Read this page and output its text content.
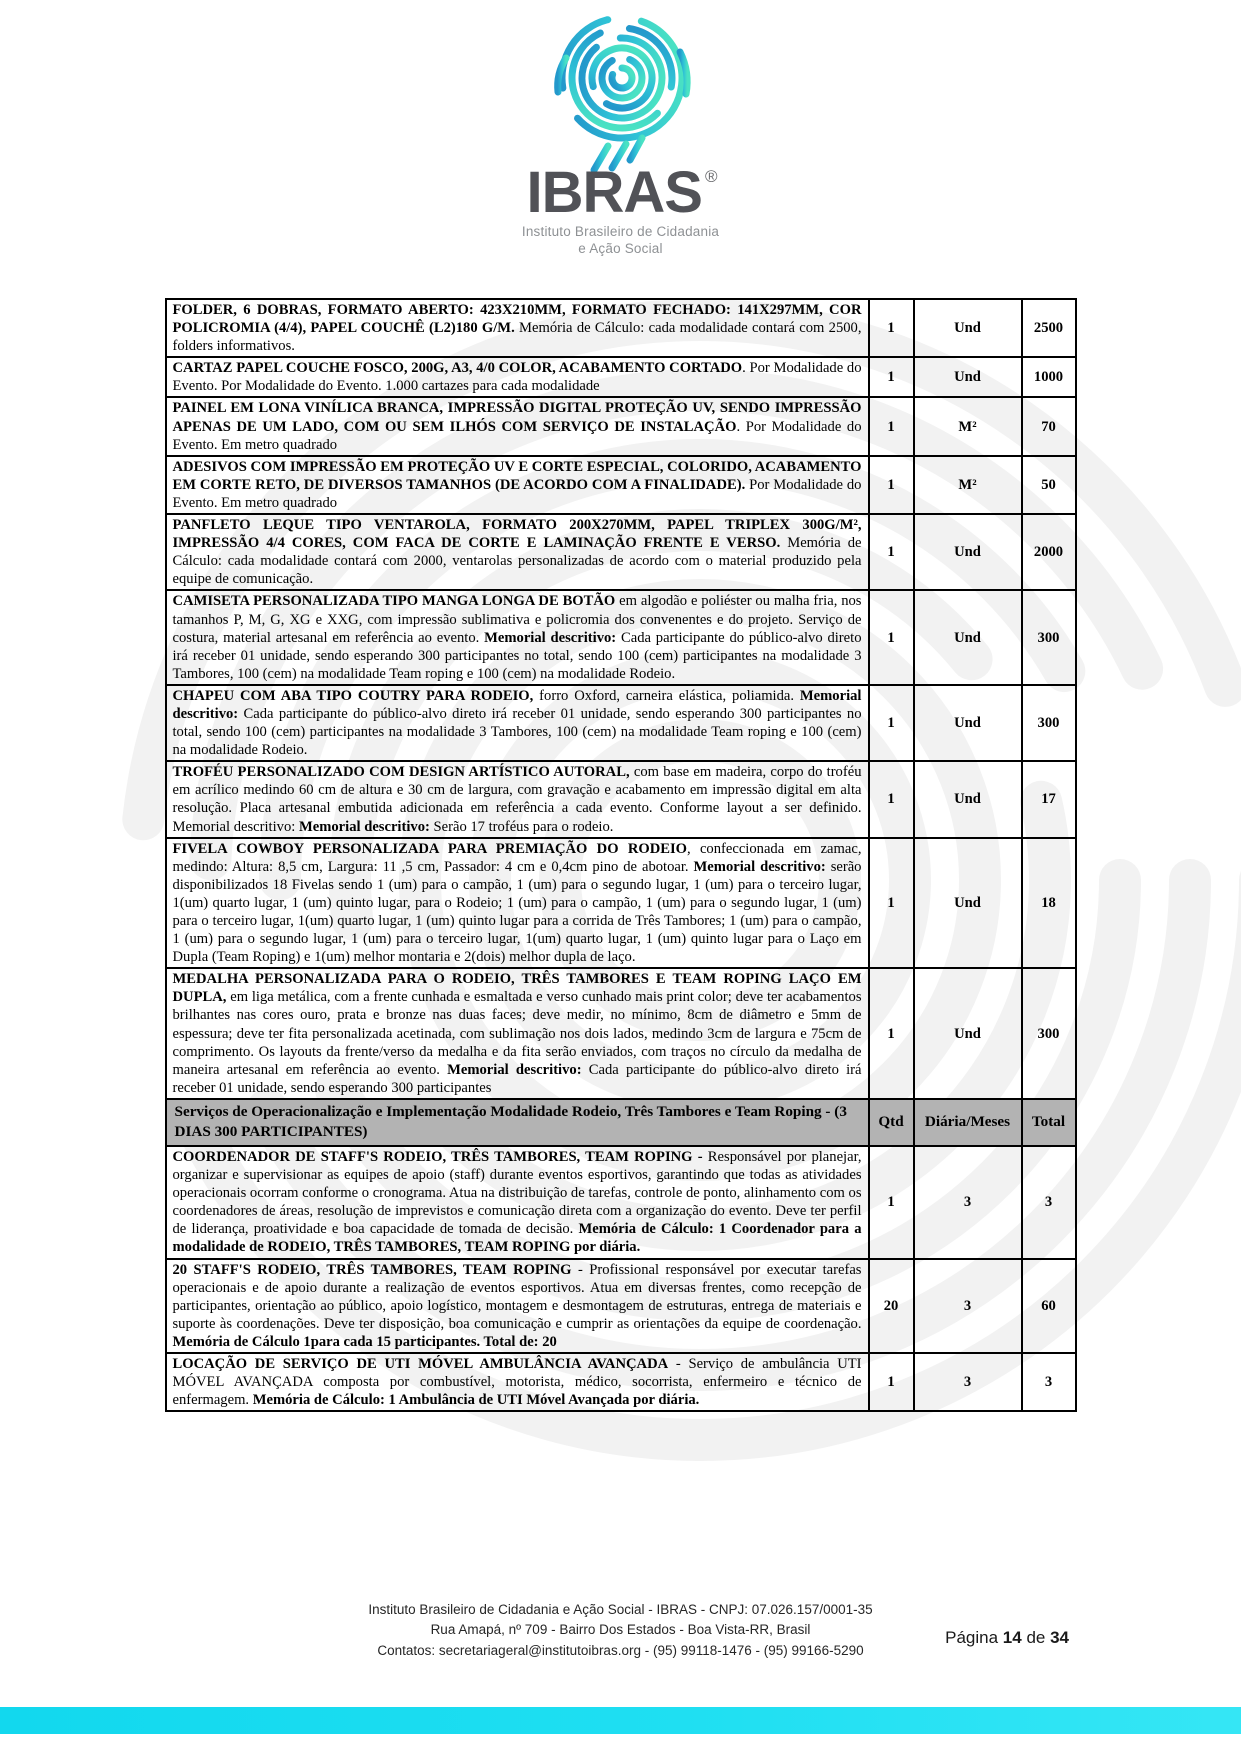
IBRAS ®
Instituto Brasileiro de Cidadania
e Ação Social
FOLDER, 6 DOBRAS, FORMATO ABERTO: 423X210MM, FORMATO FECHADO: 141X297MM, COR POLICROMIA (4/4), PAPEL COUCHÊ (L2)180 G/M. Memória de Cálculo: cada modalidade contará com 2500, folders informativos.	1	Und	2500
CARTAZ PAPEL COUCHE FOSCO, 200G, A3, 4/0 COLOR, ACABAMENTO CORTADO. Por Modalidade do Evento. Por Modalidade do Evento. 1.000 cartazes para cada modalidade	1	Und	1000
PAINEL EM LONA VINÍLICA BRANCA, IMPRESSÃO DIGITAL PROTEÇÃO UV, SENDO IMPRESSÃO APENAS DE UM LADO, COM OU SEM ILHÓS COM SERVIÇO DE INSTALAÇÃO. Por Modalidade do Evento. Em metro quadrado	1	M²	70
ADESIVOS COM IMPRESSÃO EM PROTEÇÃO UV E CORTE ESPECIAL, COLORIDO, ACABAMENTO EM CORTE RETO, DE DIVERSOS TAMANHOS (DE ACORDO COM A FINALIDADE). Por Modalidade do Evento. Em metro quadrado	1	M²	50
PANFLETO LEQUE TIPO VENTAROLA, FORMATO 200X270MM, PAPEL TRIPLEX 300G/M², IMPRESSÃO 4/4 CORES, COM FACA DE CORTE E LAMINAÇÃO FRENTE E VERSO. Memória de Cálculo: cada modalidade contará com 2000, ventarolas personalizadas de acordo com o material produzido pela equipe de comunicação.	1	Und	2000
CAMISETA PERSONALIZADA TIPO MANGA LONGA DE BOTÃO em algodão e poliéster ou malha fria, nos tamanhos P, M, G, XG e XXG, com impressão sublimativa e policromia dos convenentes e do projeto. Serviço de costura, material artesanal em referência ao evento. Memorial descritivo: Cada participante do público-alvo direto irá receber 01 unidade, sendo esperando 300 participantes no total, sendo 100 (cem) participantes na modalidade 3 Tambores, 100 (cem) na modalidade Team roping e 100 (cem) na modalidade Rodeio.	1	Und	300
CHAPEU COM ABA TIPO COUTRY PARA RODEIO, forro Oxford, carneira elástica, poliamida. Memorial descritivo: Cada participante do público-alvo direto irá receber 01 unidade, sendo esperando 300 participantes no total, sendo 100 (cem) participantes na modalidade 3 Tambores, 100 (cem) na modalidade Team roping e 100 (cem) na modalidade Rodeio.	1	Und	300
TROFÉU PERSONALIZADO COM DESIGN ARTÍSTICO AUTORAL, com base em madeira, corpo do troféu em acrílico medindo 60 cm de altura e 30 cm de largura, com gravação e acabamento em impressão digital em alta resolução. Placa artesanal embutida adicionada em referência a cada evento. Conforme layout a ser definido. Memorial descritivo: Memorial descritivo: Serão 17 troféus para o rodeio.	1	Und	17
FIVELA COWBOY PERSONALIZADA PARA PREMIAÇÃO DO RODEIO, confeccionada em zamac, medindo: Altura: 8,5 cm, Largura: 11 ,5 cm, Passador: 4 cm e 0,4cm pino de abotoar. Memorial descritivo: serão disponibilizados 18 Fivelas sendo 1 (um) para o campão, 1 (um) para o segundo lugar, 1 (um) para o terceiro lugar, 1(um) quarto lugar, 1 (um) quinto lugar, para o Rodeio; 1 (um) para o campão, 1 (um) para o segundo lugar, 1 (um) para o terceiro lugar, 1(um) quarto lugar, 1 (um) quinto lugar para a corrida de Três Tambores; 1 (um) para o campão, 1 (um) para o segundo lugar, 1 (um) para o terceiro lugar, 1(um) quarto lugar, 1 (um) quinto lugar para o Laço em Dupla (Team Roping) e 1(um) melhor montaria e 2(dois) melhor dupla de laço.	1	Und	18
MEDALHA PERSONALIZADA PARA O RODEIO, TRÊS TAMBORES E TEAM ROPING LAÇO EM DUPLA, em liga metálica, com a frente cunhada e esmaltada e verso cunhado mais print color; deve ter acabamentos brilhantes nas cores ouro, prata e bronze nas duas faces; deve medir, no mínimo, 8cm de diâmetro e 5mm de espessura; deve ter fita personalizada acetinada, com sublimação nos dois lados, medindo 3cm de largura e 75cm de comprimento. Os layouts da frente/verso da medalha e da fita serão enviados, com traços no círculo da medalha de maneira artesanal em referência ao evento. Memorial descritivo: Cada participante do público-alvo direto irá receber 01 unidade, sendo esperando 300 participantes	1	Und	300
Serviços de Operacionalização e Implementação Modalidade Rodeio, Três Tambores e Team Roping - (3 DIAS 300 PARTICIPANTES)	Qtd	Diária/Meses	Total
COORDENADOR DE STAFF'S RODEIO, TRÊS TAMBORES, TEAM ROPING - Responsável por planejar, organizar e supervisionar as equipes de apoio (staff) durante eventos esportivos, garantindo que todas as atividades operacionais ocorram conforme o cronograma. Atua na distribuição de tarefas, controle de ponto, alinhamento com os coordenadores de áreas, resolução de imprevistos e comunicação direta com a organização do evento. Deve ter perfil de liderança, proatividade e boa capacidade de tomada de decisão. Memória de Cálculo: 1 Coordenador para a modalidade de RODEIO, TRÊS TAMBORES, TEAM ROPING por diária.	1	3	3
20 STAFF'S RODEIO, TRÊS TAMBORES, TEAM ROPING - Profissional responsável por executar tarefas operacionais e de apoio durante a realização de eventos esportivos. Atua em diversas frentes, como recepção de participantes, orientação ao público, apoio logístico, montagem e desmontagem de estruturas, entrega de materiais e suporte às coordenações. Deve ter disposição, boa comunicação e cumprir as orientações da equipe de coordenação. Memória de Cálculo 1para cada 15 participantes. Total de: 20	20	3	60
LOCAÇÃO DE SERVIÇO DE UTI MÓVEL AMBULÂNCIA AVANÇADA - Serviço de ambulância UTI MÓVEL AVANÇADA composta por combustível, motorista, médico, socorrista, enfermeiro e técnico de enfermagem. Memória de Cálculo: 1 Ambulância de UTI Móvel Avançada por diária.	1	3	3
Instituto Brasileiro de Cidadania e Ação Social - IBRAS - CNPJ: 07.026.157/0001-35
Rua Amapá, nº 709 - Bairro Dos Estados - Boa Vista-RR, Brasil
Contatos: secretariageral@institutoibras.org - (95) 99118-1476 - (95) 99166-5290
Página 14 de 34
